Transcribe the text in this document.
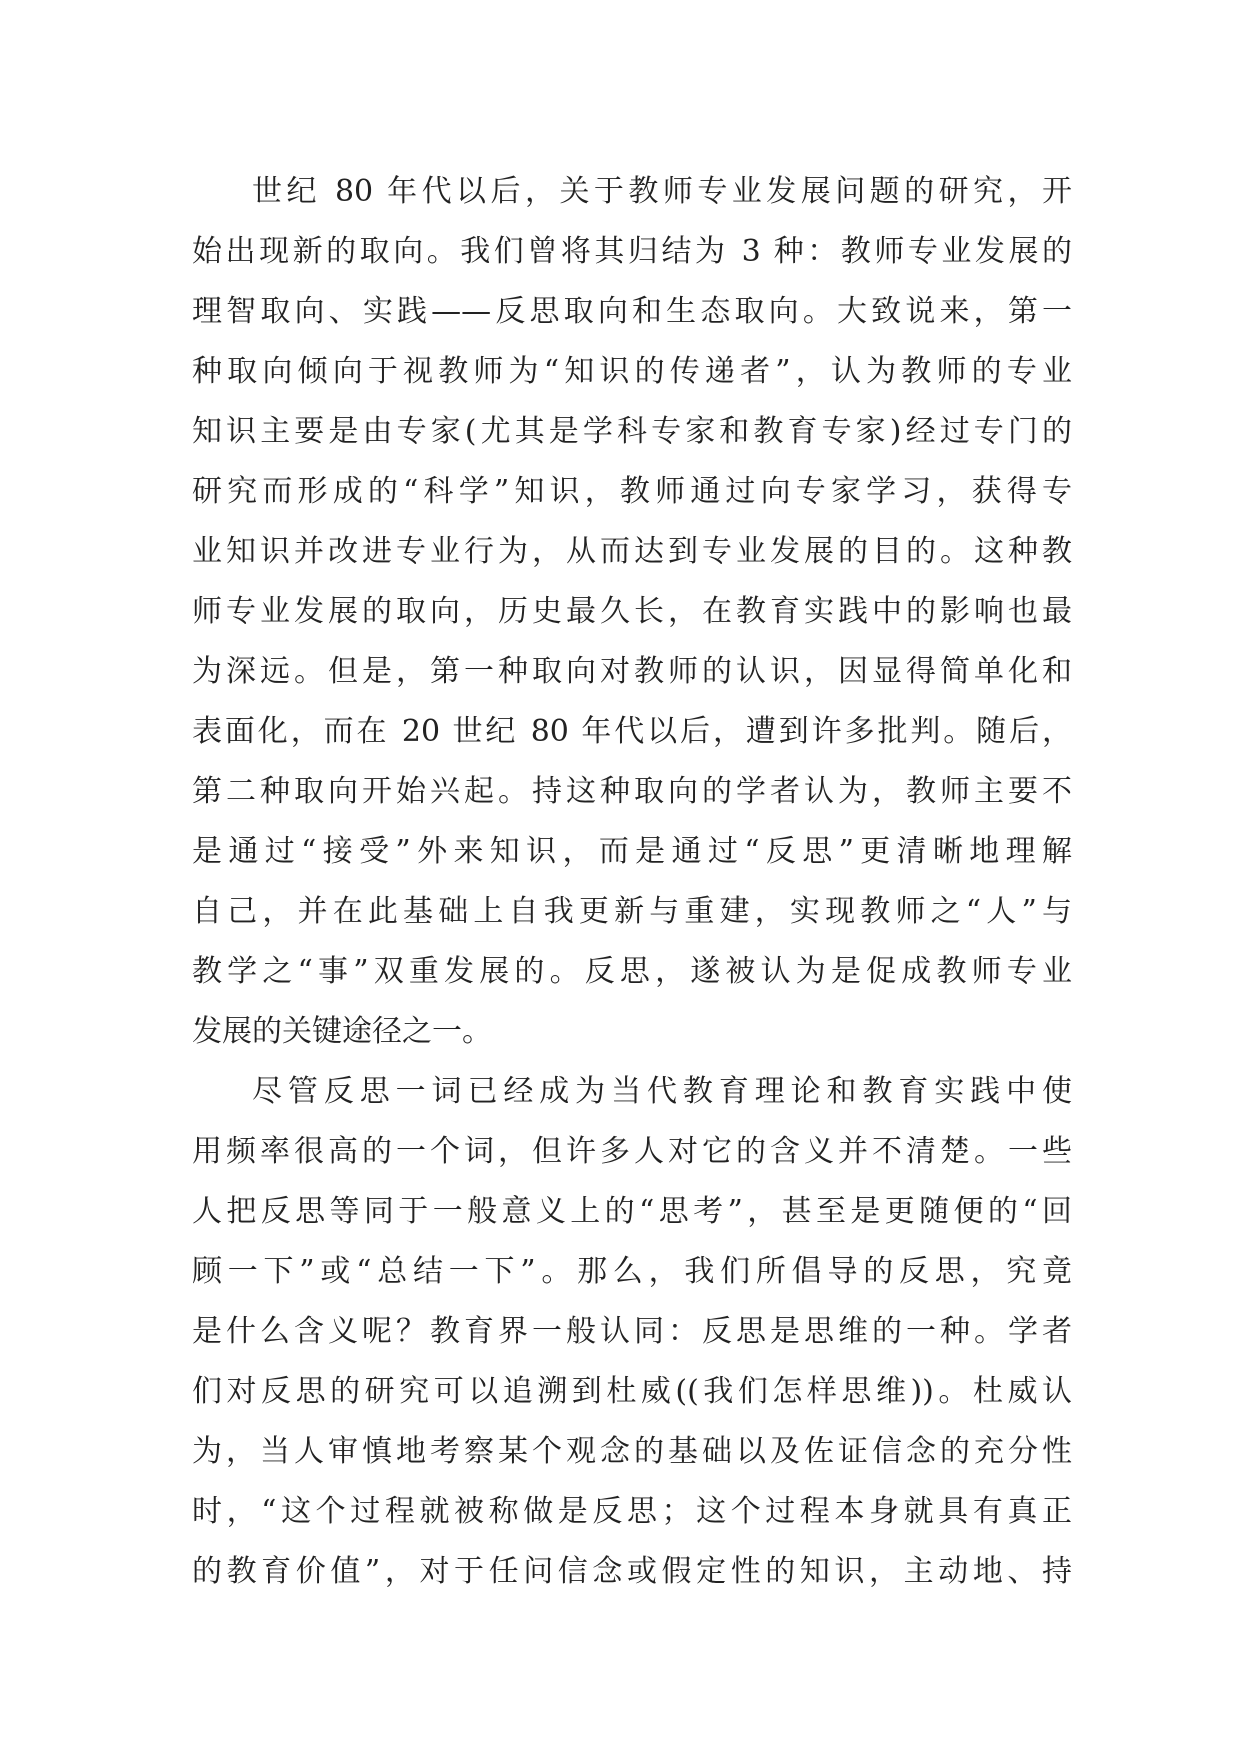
世纪 80 年代以后，关于教师专业发展问题的研究，开
始出现新的取向。我们曾将其归结为 3 种：教师专业发展的
理智取向、实践——反思取向和生态取向。大致说来，第一
种取向倾向于视教师为“知识的传递者”，认为教师的专业
知识主要是由专家(尤其是学科专家和教育专家)经过专门的
研究而形成的“科学”知识，教师通过向专家学习，获得专
业知识并改进专业行为，从而达到专业发展的目的。这种教
师专业发展的取向，历史最久长，在教育实践中的影响也最
为深远。但是，第一种取向对教师的认识，因显得简单化和
表面化，而在 20 世纪 80 年代以后，遭到许多批判。随后，
第二种取向开始兴起。持这种取向的学者认为，教师主要不
是通过“接受”外来知识，而是通过“反思”更清晰地理解
自己，并在此基础上自我更新与重建，实现教师之“人”与
教学之“事”双重发展的。反思，遂被认为是促成教师专业
发展的关键途径之一。
尽管反思一词已经成为当代教育理论和教育实践中使
用频率很高的一个词，但许多人对它的含义并不清楚。一些
人把反思等同于一般意义上的“思考”，甚至是更随便的“回
顾一下”或“总结一下”。那么，我们所倡导的反思，究竟
是什么含义呢？教育界一般认同：反思是思维的一种。学者
们对反思的研究可以追溯到杜威((我们怎样思维))。杜威认
为，当人审慎地考察某个观念的基础以及佐证信念的充分性
时，“这个过程就被称做是反思；这个过程本身就具有真正
的教育价值”，对于任问信念或假定性的知识，主动地、持
